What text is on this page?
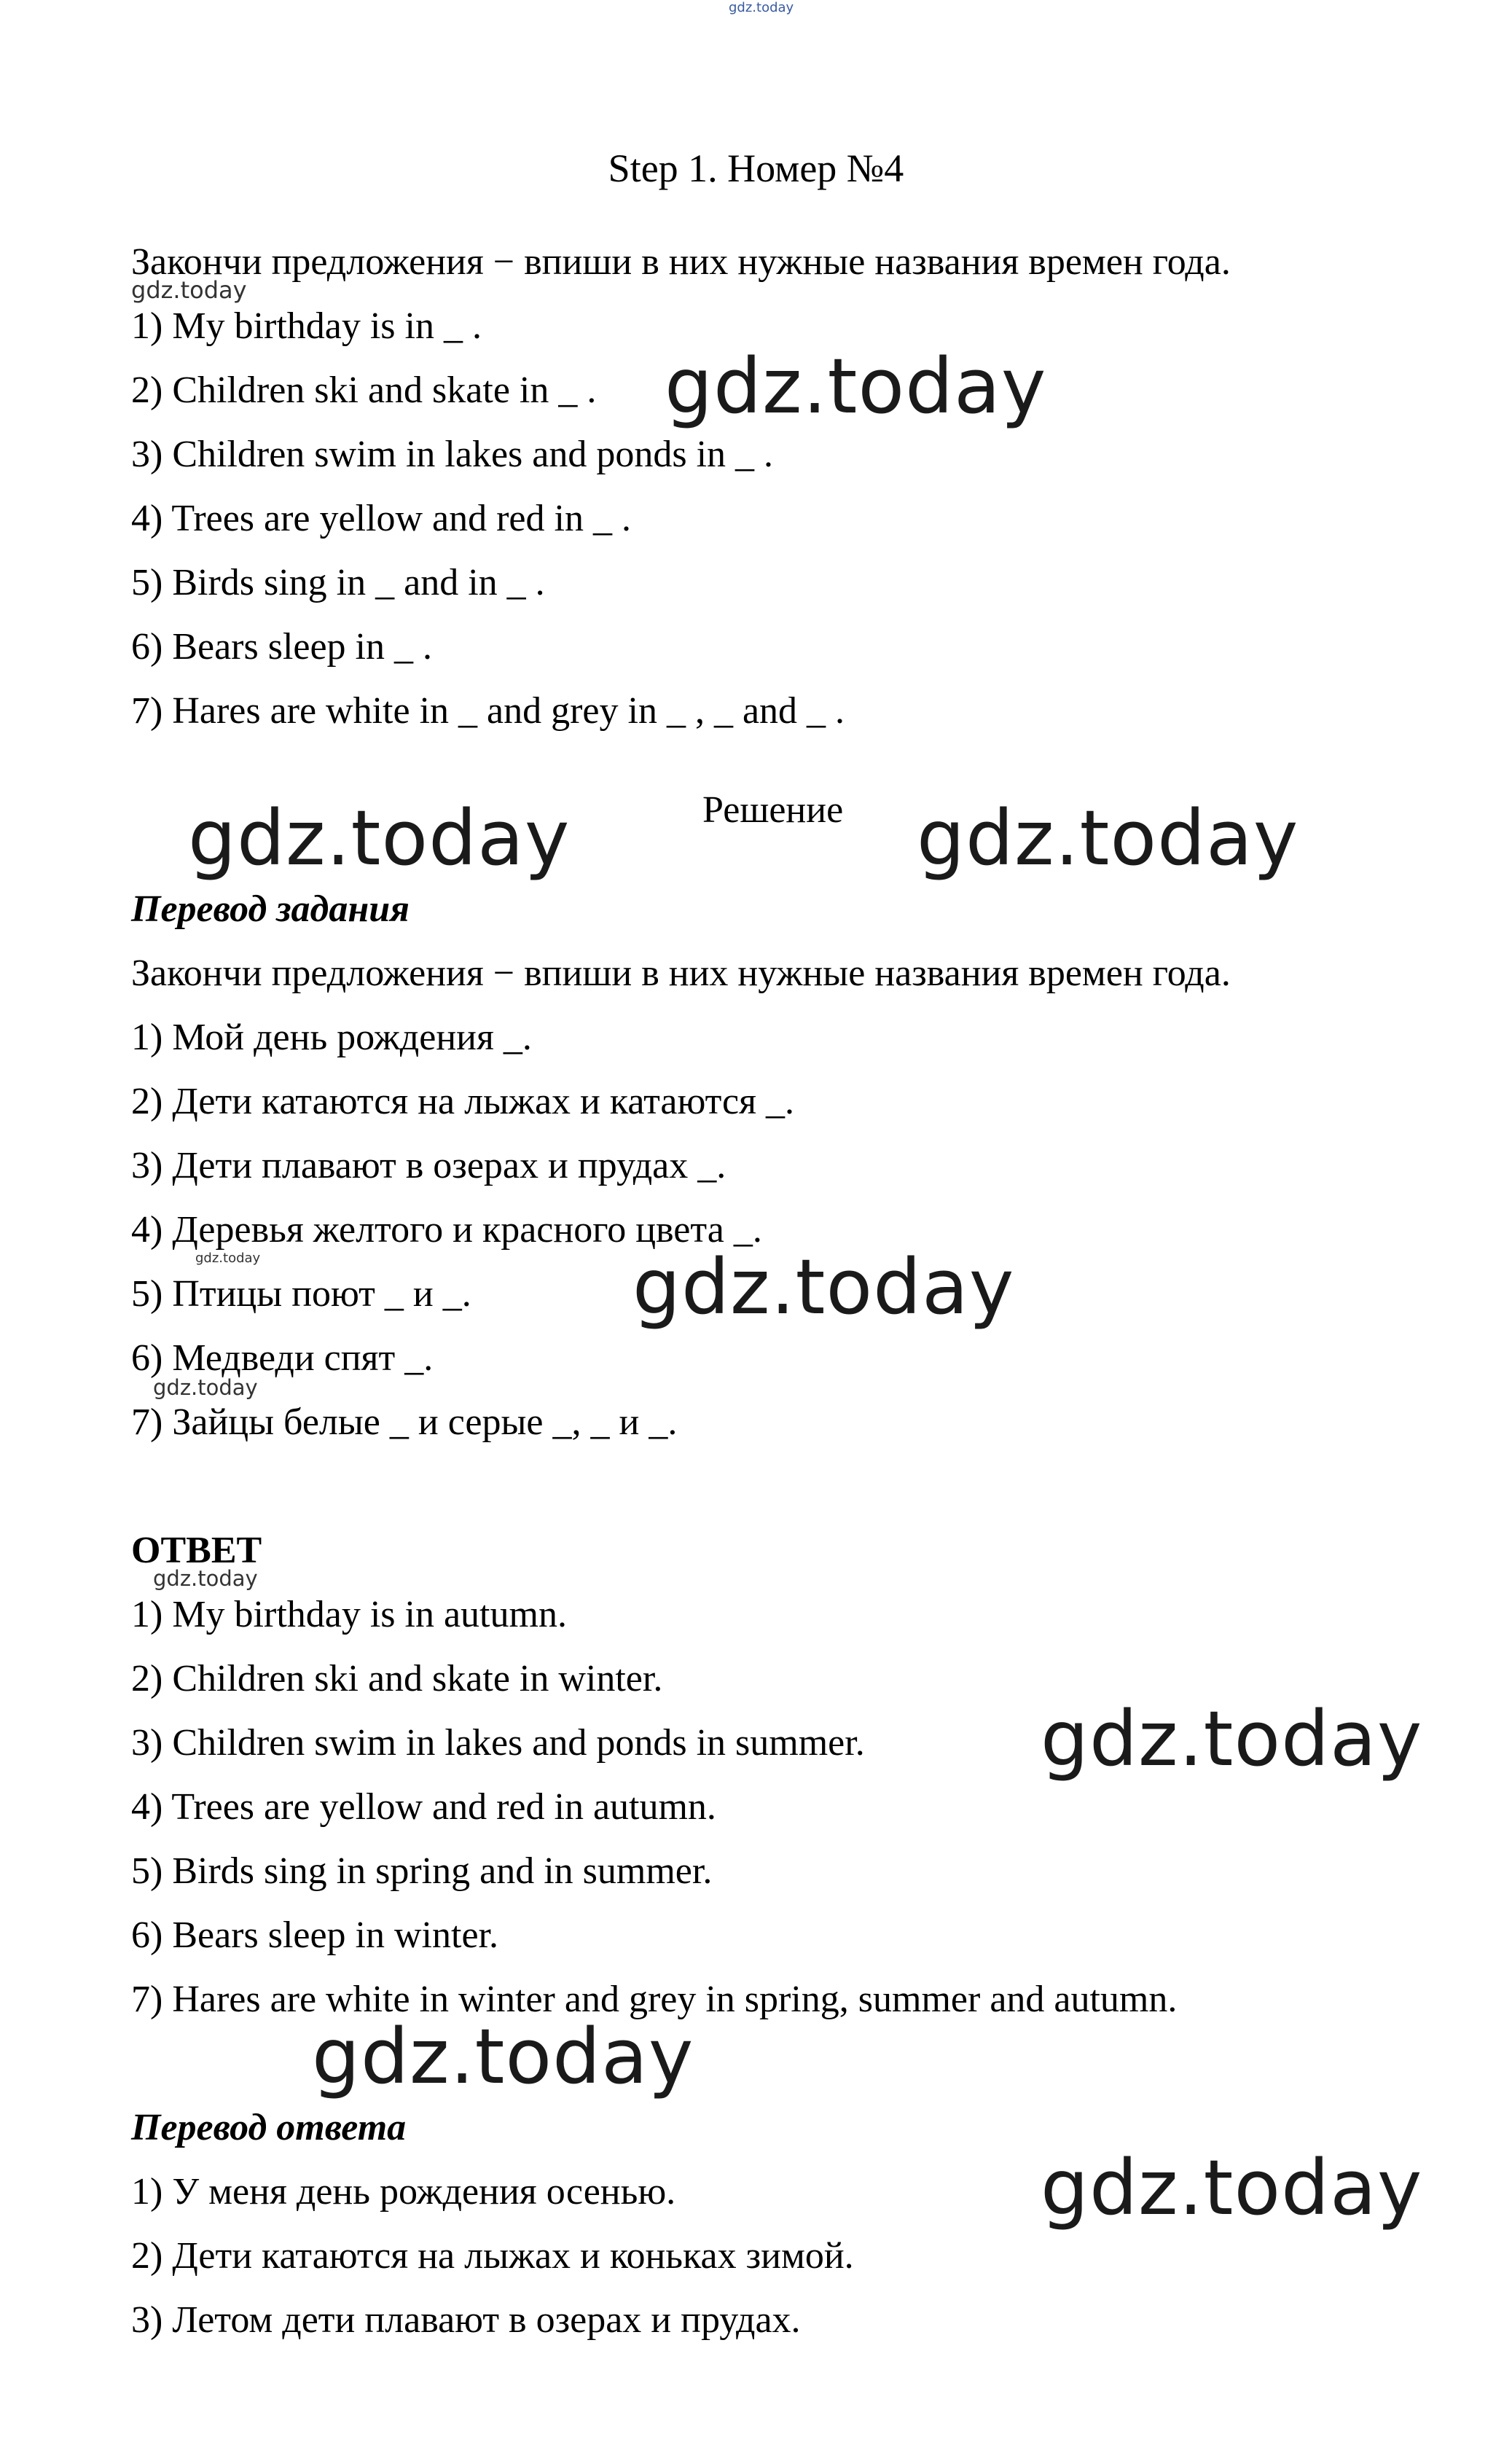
gdz.today
Step 1. Номер №4
Закончи предложения − впиши в них нужные названия времен года.
gdz.today
1) My birthday is in _ .
2) Children ski and skate in _ . gdz.today
3) Children swim in lakes and ponds in _ .
4) Trees are yellow and red in _ .
5) Birds sing in _ and in _ .
6) Bears sleep in _ .
7) Hares are white in _ and grey in _ , _ and _ .
gdz.today	Решение gdz.today
Перевод задания
Закончи предложения − впиши в них нужные названия времен года.
1) Мой день рождения _.
2) Дети катаются на лыжах и катаются _.
3) Дети плавают в озерах и прудах _.
4) Деревья желтого и красного цвета _.
gdz.today
5) Птицы поют _ и _. gdz.today
6) Медведи спят _.
gdz.today
7) Зайцы белые _ и серые _, _ и _.
ОТВЕТ
gdz.today
1) My birthday is in autumn.
2) Children ski and skate in winter.
3) Children swim in lakes and ponds in summer. gdz.today
4) Trees are yellow and red in autumn.
5) Birds sing in spring and in summer.
6) Bears sleep in winter.
7) Hares are white in winter and grey in spring, summer and autumn.
gdz.today
Перевод ответа
1) У меня день рождения осенью.	gdz.today
2) Дети катаются на лыжах и коньках зимой.
3) Летом дети плавают в озерах и прудах.
